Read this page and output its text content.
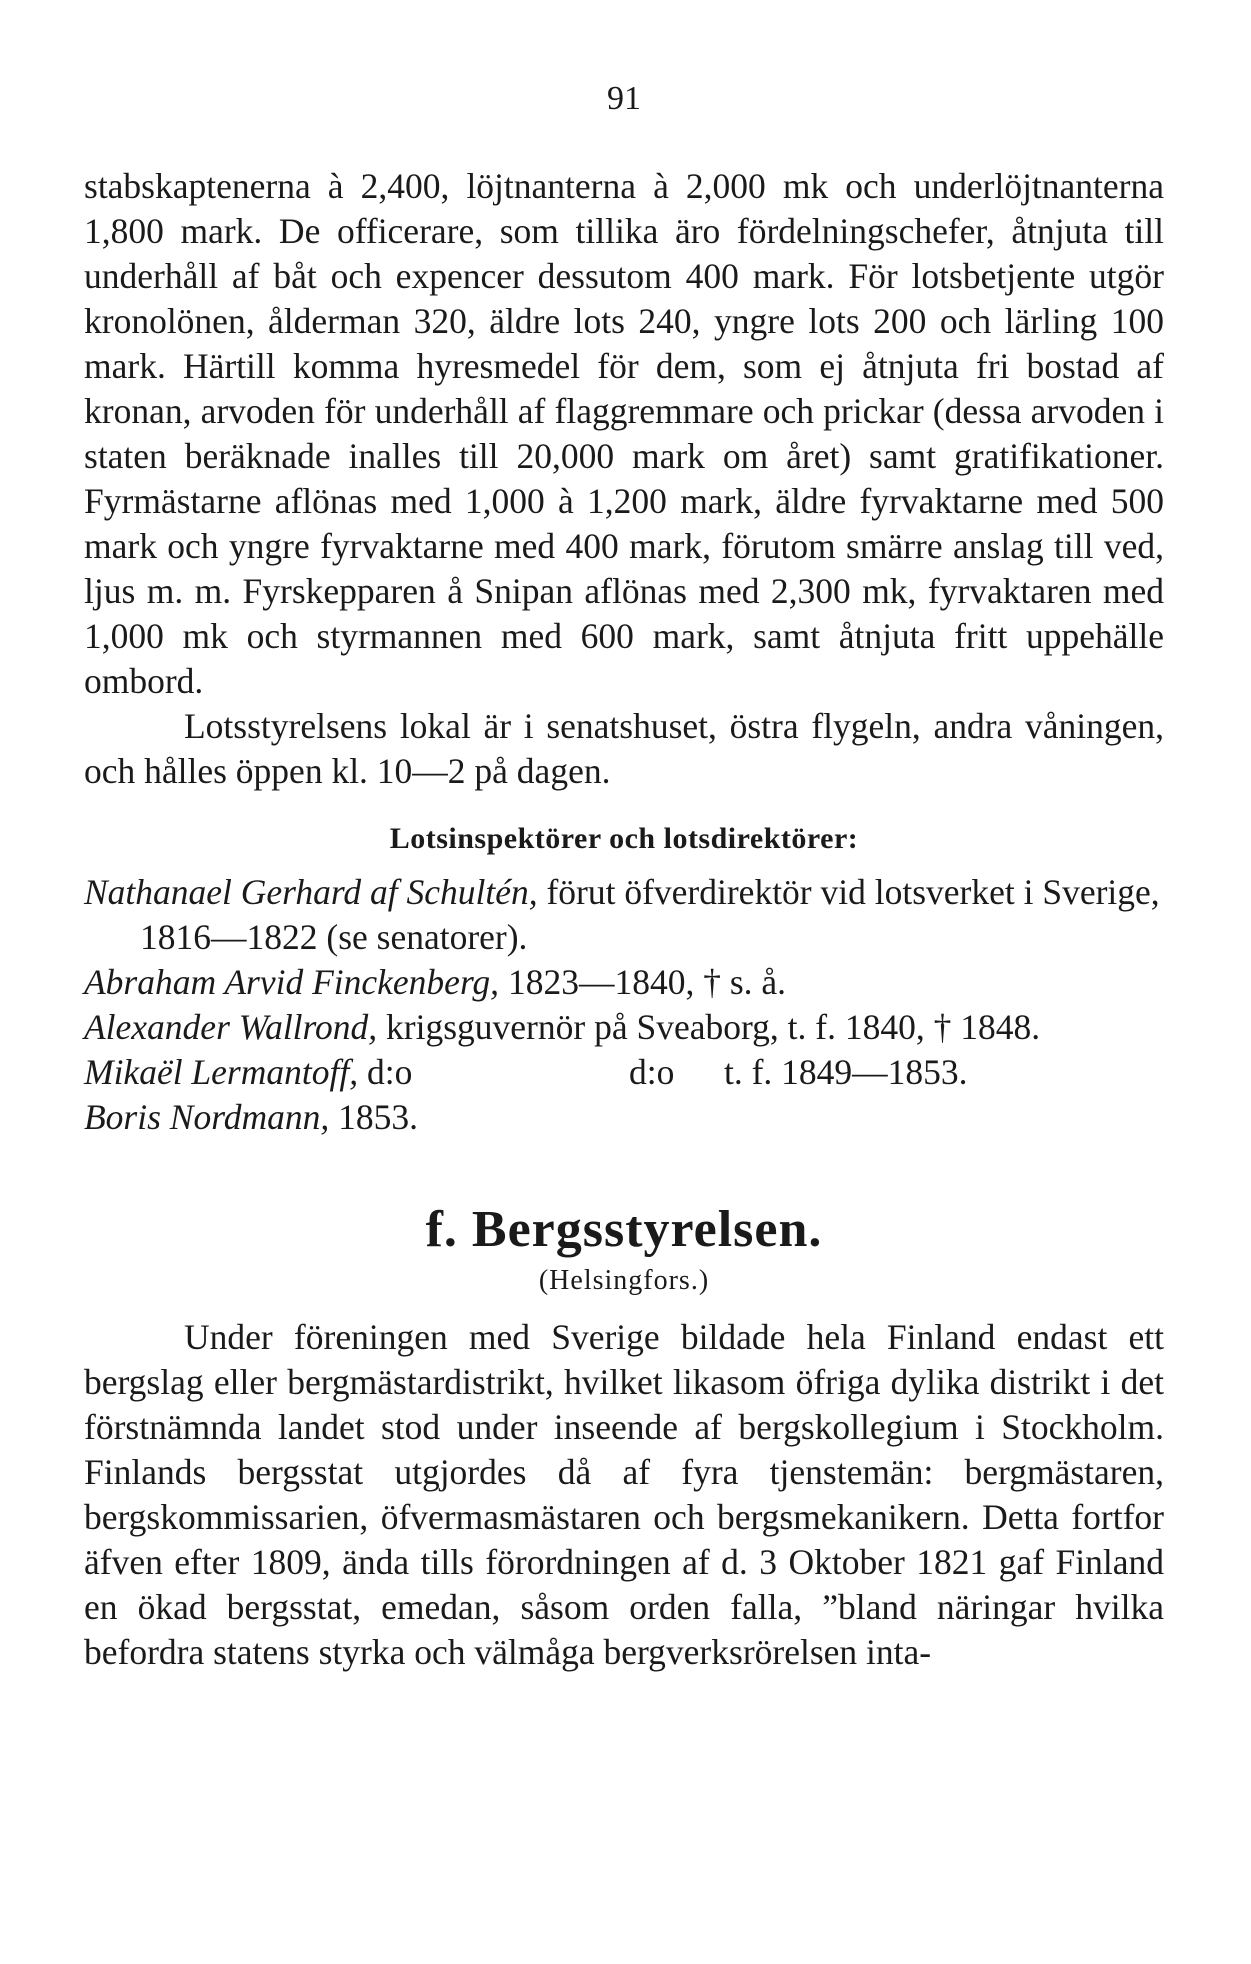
91

stabskaptenerna à 2,400, löjtnanterna à 2,000 mk och underlöjtnanterna 1,800 mark. De officerare, som tillika äro fördelningschefer, åtnjuta till underhåll af båt och expencer dessutom 400 mark. För lotsbetjente utgör kronolönen, ålderman 320, äldre lots 240, yngre lots 200 och lärling 100 mark. Härtill komma hyresmedel för dem, som ej åtnjuta fri bostad af kronan, arvoden för underhåll af flaggremmare och prickar (dessa arvoden i staten beräknade inalles till 20,000 mark om året) samt gratifikationer. Fyrmästarne aflönas med 1,000 à 1,200 mark, äldre fyrvaktarne med 500 mark och yngre fyrvaktarne med 400 mark, förutom smärre anslag till ved, ljus m. m. Fyrskepparen å Snipan aflönas med 2,300 mk, fyrvaktaren med 1,000 mk och styrmannen med 600 mark, samt åtnjuta fritt uppehälle ombord.

Lotsstyrelsens lokal är i senatshuset, östra flygeln, andra våningen, och hålles öppen kl. 10—2 på dagen.

Lotsinspektörer och lotsdirektörer:

Nathanael Gerhard af Schultén, förut öfverdirektör vid lotsverket i Sverige, 1816—1822 (se senatorer).

Abraham Arvid Finckenberg, 1823—1840, † s. å.

Alexander Wallrond, krigsguvernör på Sveaborg, t. f. 1840, † 1848.

Mikaël Lermantoff, d:o	d:o	t. f. 1849—1853.

Boris Nordmann, 1853.

f. Bergsstyrelsen.
(Helsingfors.)

Under föreningen med Sverige bildade hela Finland endast ett bergslag eller bergmästardistrikt, hvilket likasom öfriga dylika distrikt i det förstnämnda landet stod under inseende af bergskollegium i Stockholm. Finlands bergsstat utgjordes då af fyra tjenstemän: bergmästaren, bergskommissarien, öfvermasmästaren och bergsmekanikern. Detta fortfor äfven efter 1809, ända tills förordningen af d. 3 Oktober 1821 gaf Finland en ökad bergsstat, emedan, såsom orden falla, ”bland näringar hvilka befordra statens styrka och välmåga bergverksrörelsen inta-
